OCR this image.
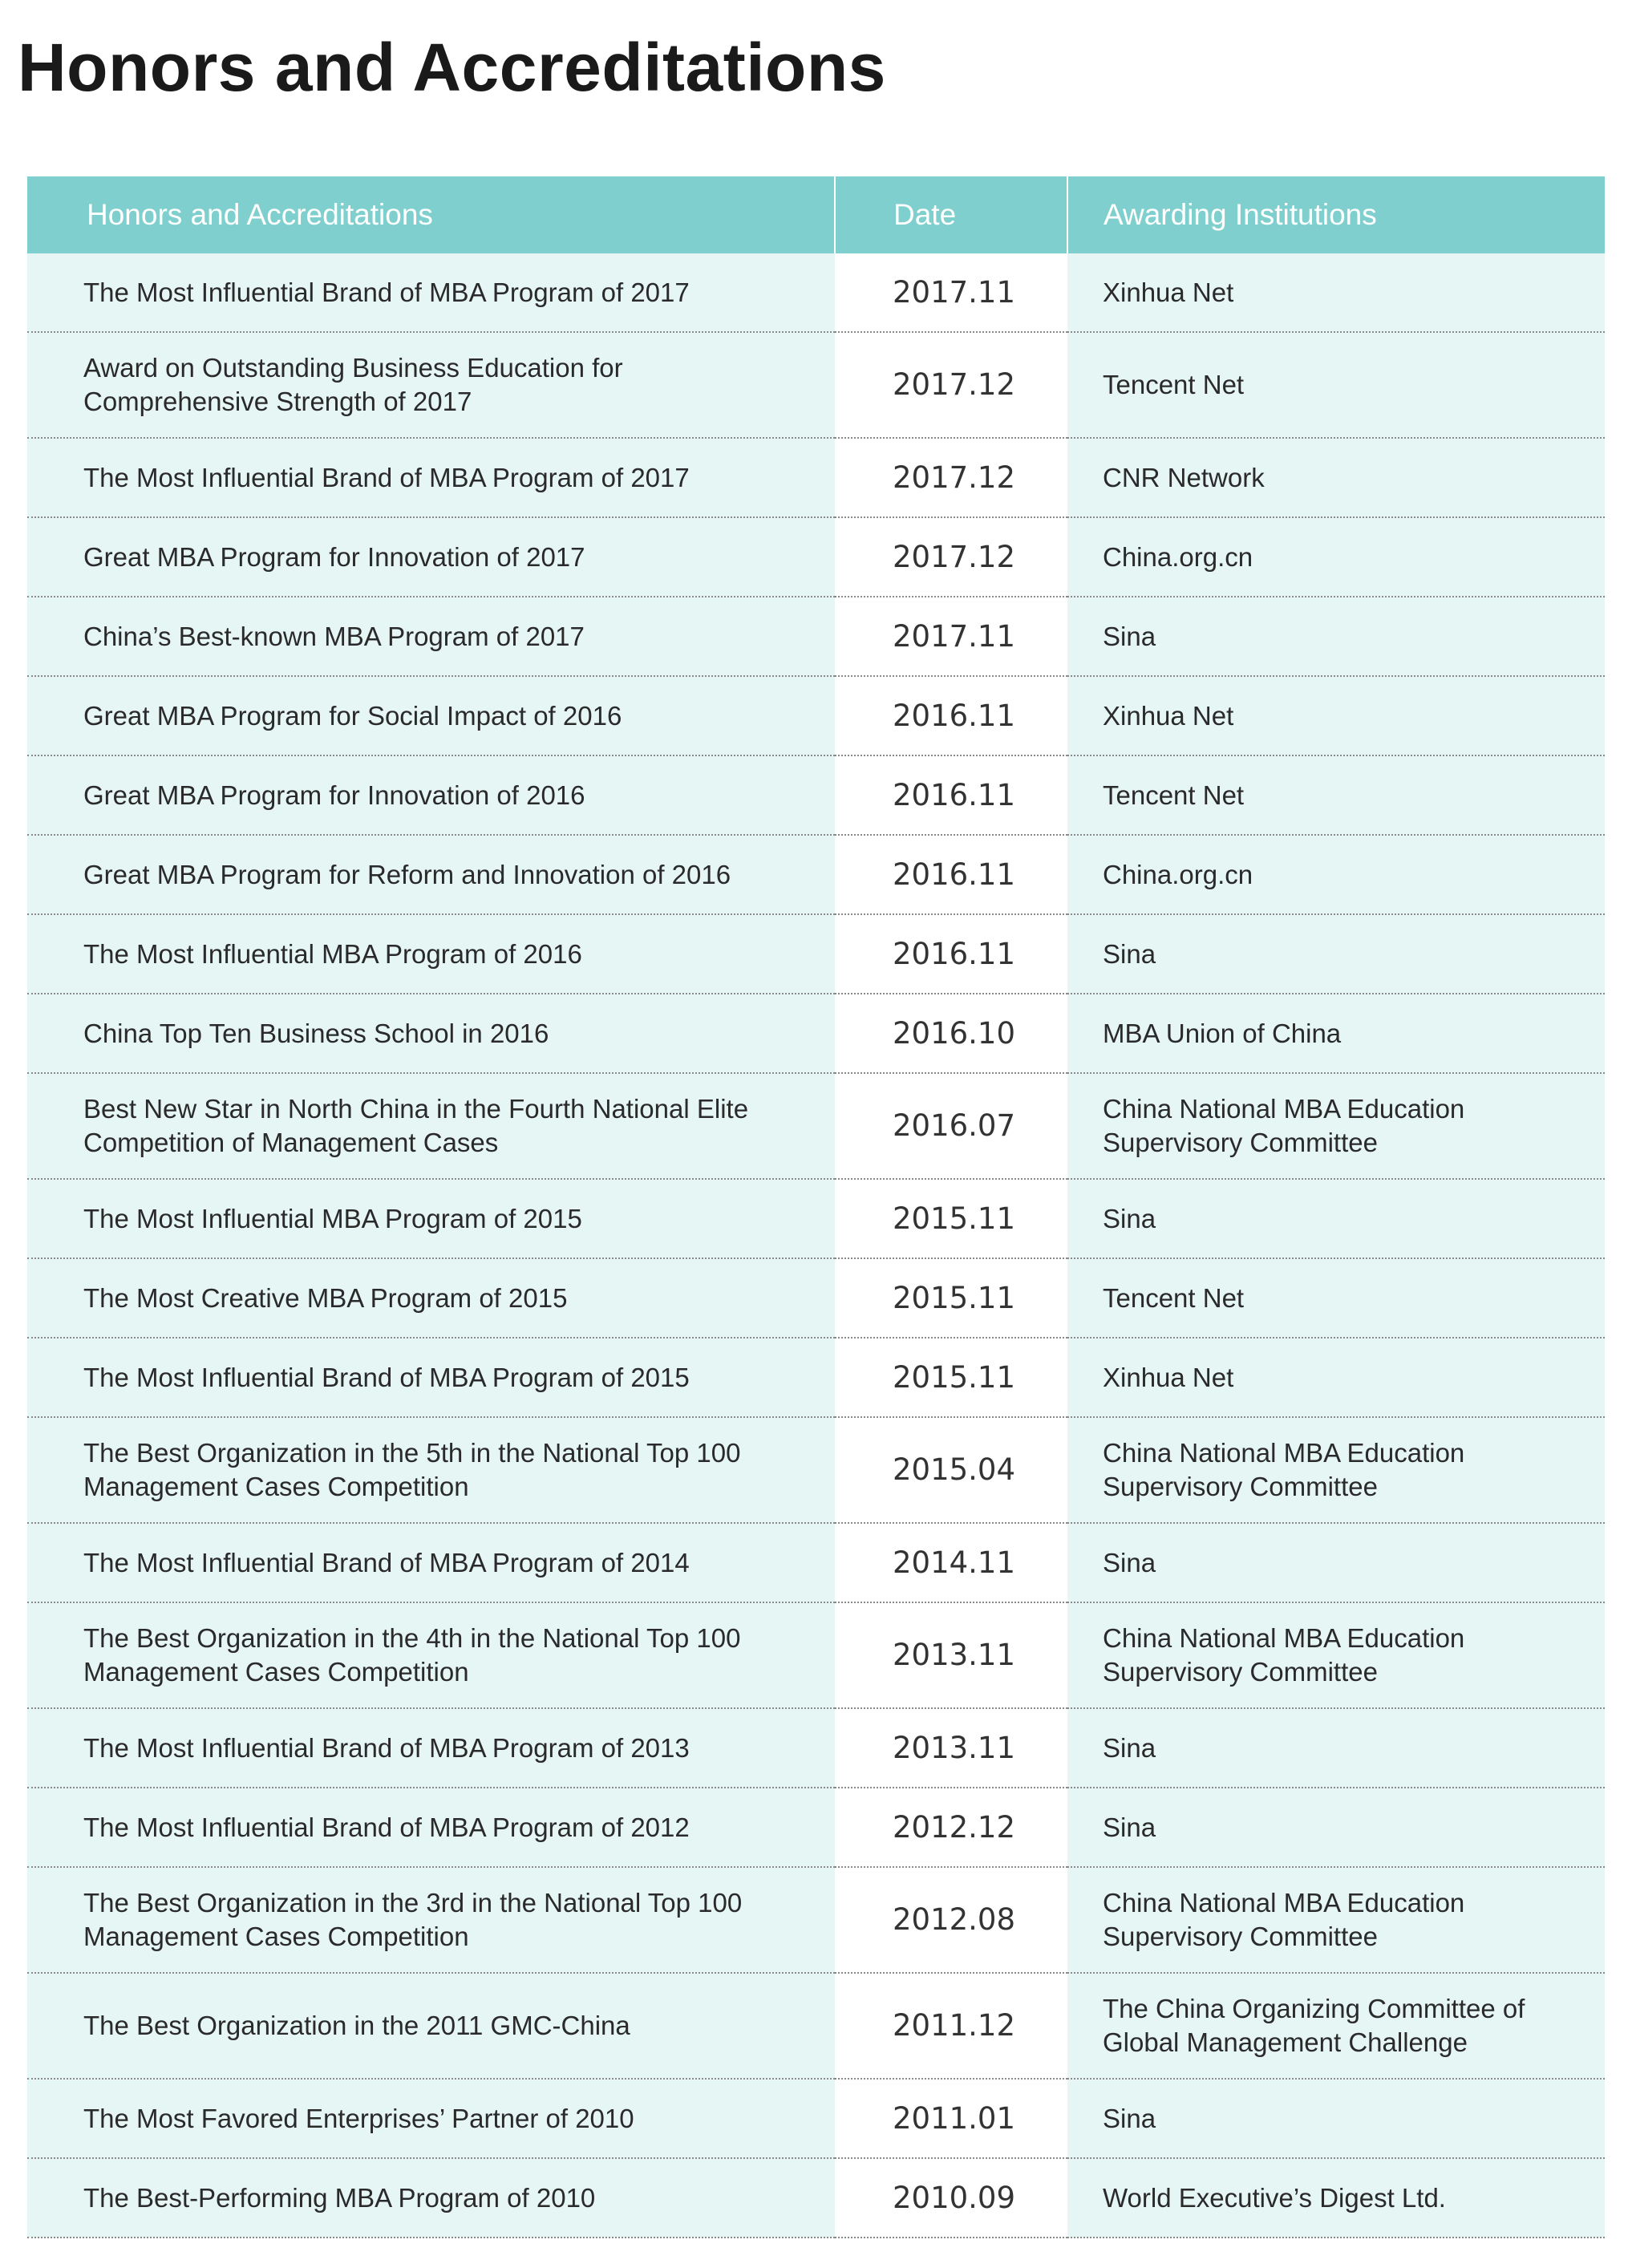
Honors and Accreditations
Honors and Accreditations	Date	Awarding Institutions
The Most Influential Brand of MBA Program of 2017	2017.11	Xinhua Net
Award on Outstanding Business Education for Comprehensive Strength of 2017	2017.12	Tencent Net
The Most Influential Brand of MBA Program of 2017	2017.12	CNR Network
Great MBA Program for Innovation of 2017	2017.12	China.org.cn
China’s Best-known MBA Program of 2017	2017.11	Sina
Great MBA Program for Social Impact of 2016	2016.11	Xinhua Net
Great MBA Program for Innovation of 2016	2016.11	Tencent Net
Great MBA Program for Reform and Innovation of 2016	2016.11	China.org.cn
The Most Influential MBA Program of 2016	2016.11	Sina
China Top Ten Business School in 2016	2016.10	MBA Union of China
Best New Star in North China in the Fourth National Elite Competition of Management Cases	2016.07	China National MBA Education Supervisory Committee
The Most Influential MBA Program of 2015	2015.11	Sina
The Most Creative MBA Program of 2015	2015.11	Tencent Net
The Most Influential Brand of MBA Program of 2015	2015.11	Xinhua Net
The Best Organization in the 5th in the National Top 100 Management Cases Competition	2015.04	China National MBA Education Supervisory Committee
The Most Influential Brand of MBA Program of 2014	2014.11	Sina
The Best Organization in the 4th in the National Top 100 Management Cases Competition	2013.11	China National MBA Education Supervisory Committee
The Most Influential Brand of MBA Program of 2013	2013.11	Sina
The Most Influential Brand of MBA Program of 2012	2012.12	Sina
The Best Organization in the 3rd in the National Top 100 Management Cases Competition	2012.08	China National MBA Education Supervisory Committee
The Best Organization in the 2011 GMC-China	2011.12	The China Organizing Committee of Global Management Challenge
The Most Favored Enterprises’ Partner of 2010	2011.01	Sina
The Best-Performing MBA Program of 2010	2010.09	World Executive’s Digest Ltd.
